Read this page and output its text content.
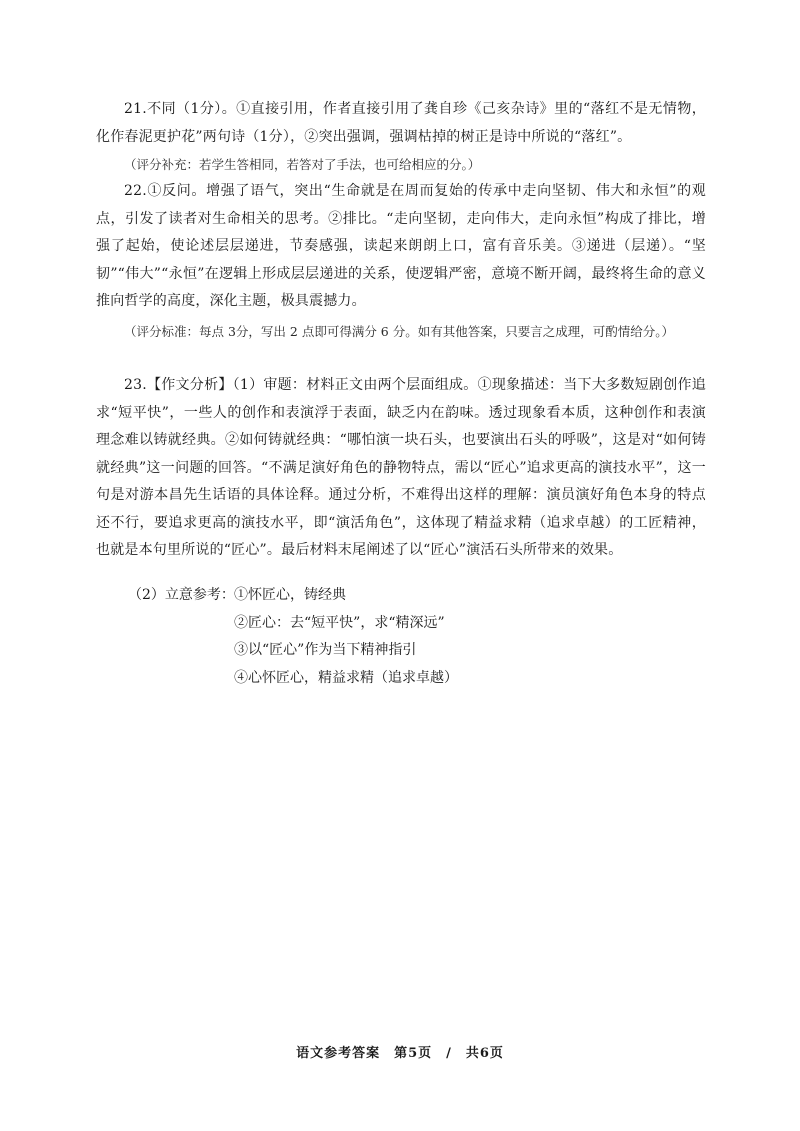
21.不同（1分）。①直接引用，作者直接引用了龚自珍《己亥杂诗》里的“落红不是无情物，化作春泥更护花”两句诗（1分），②突出强调，强调枯掉的树正是诗中所说的“落红”。

（评分补充：若学生答相同，若答对了手法，也可给相应的分。）

22.①反问。增强了语气，突出“生命就是在周而复始的传承中走向坚韧、伟大和永恒”的观点，引发了读者对生命相关的思考。②排比。“走向坚韧，走向伟大，走向永恒”构成了排比，增强了起始，使论述层层递进，节奏感强，读起来朗朗上口，富有音乐美。③递进（层递）。“坚韧”“伟大”“永恒”在逻辑上形成层层递进的关系，使逻辑严密，意境不断开阔，最终将生命的意义推向哲学的高度，深化主题，极具震撼力。

（评分标准：每点 3分，写出 2 点即可得满分 6 分。如有其他答案，只要言之成理，可酌情给分。）

23.【作文分析】（1）审题：材料正文由两个层面组成。①现象描述：当下大多数短剧创作追求“短平快”，一些人的创作和表演浮于表面，缺乏内在韵味。透过现象看本质，这种创作和表演理念难以铸就经典。②如何铸就经典：“哪怕演一块石头，也要演出石头的呼吸”，这是对“如何铸就经典”这一问题的回答。“不满足演好角色的静物特点，需以“匠心”追求更高的演技水平”，这一句是对游本昌先生话语的具体诠释。通过分析，不难得出这样的理解：演员演好角色本身的特点还不行，要追求更高的演技水平，即“演活角色”，这体现了精益求精（追求卓越）的工匠精神，也就是本句里所说的“匠心”。最后材料末尾阐述了以“匠心”演活石头所带来的效果。

（2）立意参考： ①怀匠心，铸经典
②匠心：去“短平快”，求“精深远”
③以“匠心”作为当下精神指引
④心怀匠心，精益求精（追求卓越）
语文参考答案　第5页　/　共6页
